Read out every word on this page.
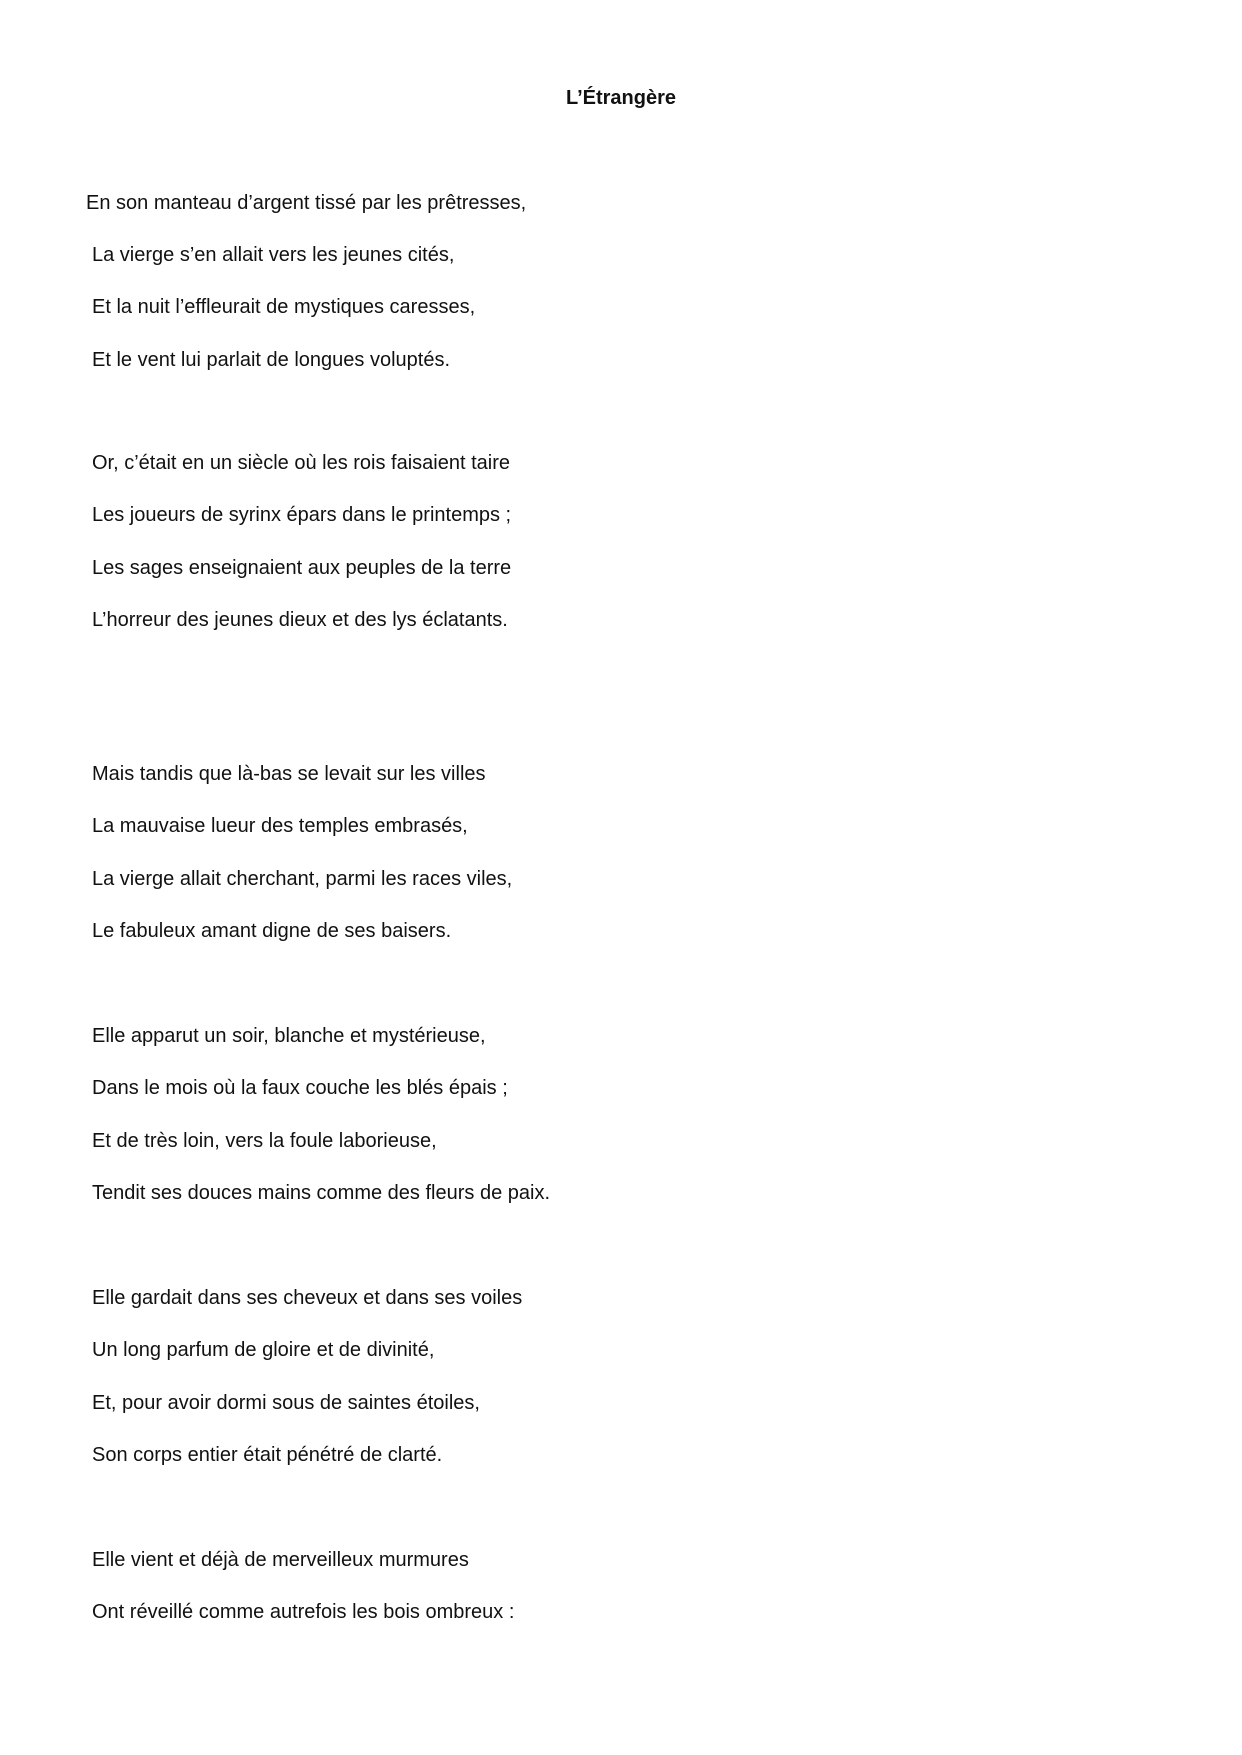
L’Étrangère

En son manteau d’argent tissé par les prêtresses,

La vierge s’en allait vers les jeunes cités,

Et la nuit l’effleurait de mystiques caresses,

Et le vent lui parlait de longues voluptés.

Or, c’était en un siècle où les rois faisaient taire

Les joueurs de syrinx épars dans le printemps ;

Les sages enseignaient aux peuples de la terre

L’horreur des jeunes dieux et des lys éclatants.

Mais tandis que là-bas se levait sur les villes

La mauvaise lueur des temples embrasés,

La vierge allait cherchant, parmi les races viles,

Le fabuleux amant digne de ses baisers.

Elle apparut un soir, blanche et mystérieuse,

Dans le mois où la faux couche les blés épais ;

Et de très loin, vers la foule laborieuse,

Tendit ses douces mains comme des fleurs de paix.

Elle gardait dans ses cheveux et dans ses voiles

Un long parfum de gloire et de divinité,

Et, pour avoir dormi sous de saintes étoiles,

Son corps entier était pénétré de clarté.

Elle vient et déjà de merveilleux murmures

Ont réveillé comme autrefois les bois ombreux :
